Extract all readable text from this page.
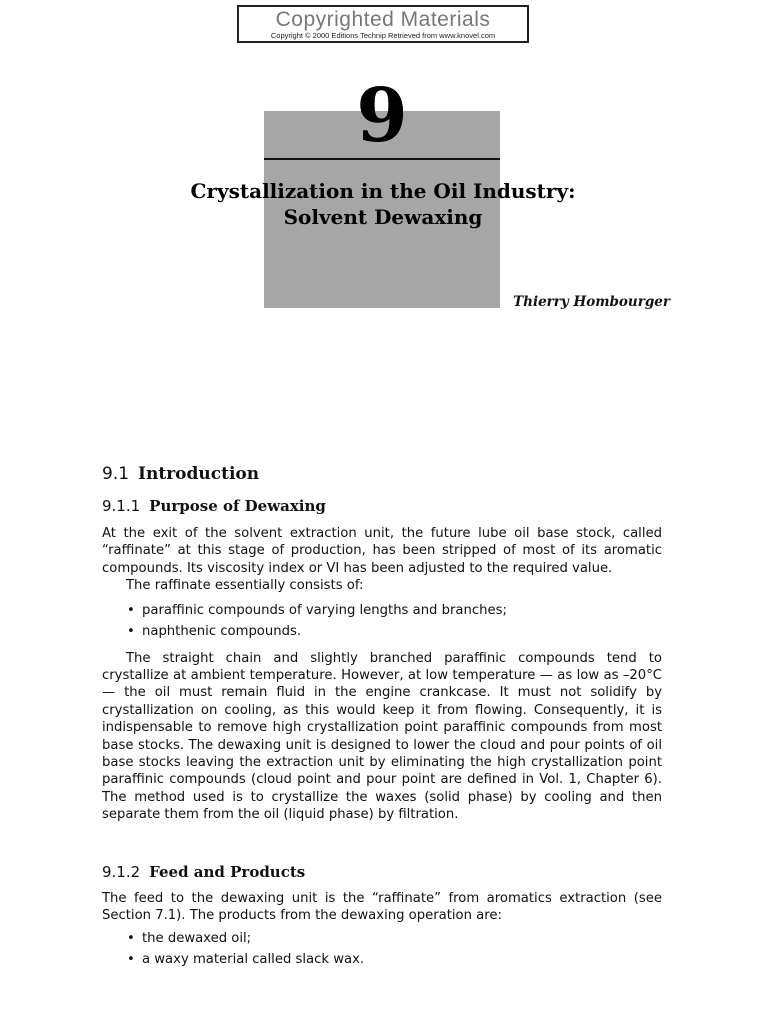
Copyrighted Materials
Copyright © 2000 Editions Technip Retrieved from www.knovel.com
9
Crystallization in the Oil Industry:
Solvent Dewaxing
Thierry Hombourger
9.1 Introduction
9.1.1 Purpose of Dewaxing

At the exit of the solvent extraction unit, the future lube oil base stock, called “raffinate” at this stage of production, has been stripped of most of its aromatic compounds. Its viscosity index or VI has been adjusted to the required value.

The raffinate essentially consists of:

• paraffinic compounds of varying lengths and branches;
• naphthenic compounds.

The straight chain and slightly branched paraffinic compounds tend to crystallize at ambient temperature. However, at low temperature — as low as –20°C — the oil must remain fluid in the engine crankcase. It must not solidify by crystallization on cooling, as this would keep it from flowing. Consequently, it is indispensable to remove high crystallization point paraffinic compounds from most base stocks. The dewaxing unit is designed to lower the cloud and pour points of oil base stocks leaving the extraction unit by eliminating the high crystallization point paraffinic compounds (cloud point and pour point are defined in Vol. 1, Chapter 6). The method used is to crystallize the waxes (solid phase) by cooling and then separate them from the oil (liquid phase) by filtration.

9.1.2 Feed and Products

The feed to the dewaxing unit is the “raffinate” from aromatics extraction (see Section 7.1). The products from the dewaxing operation are:

• the dewaxed oil;
• a waxy material called slack wax.
